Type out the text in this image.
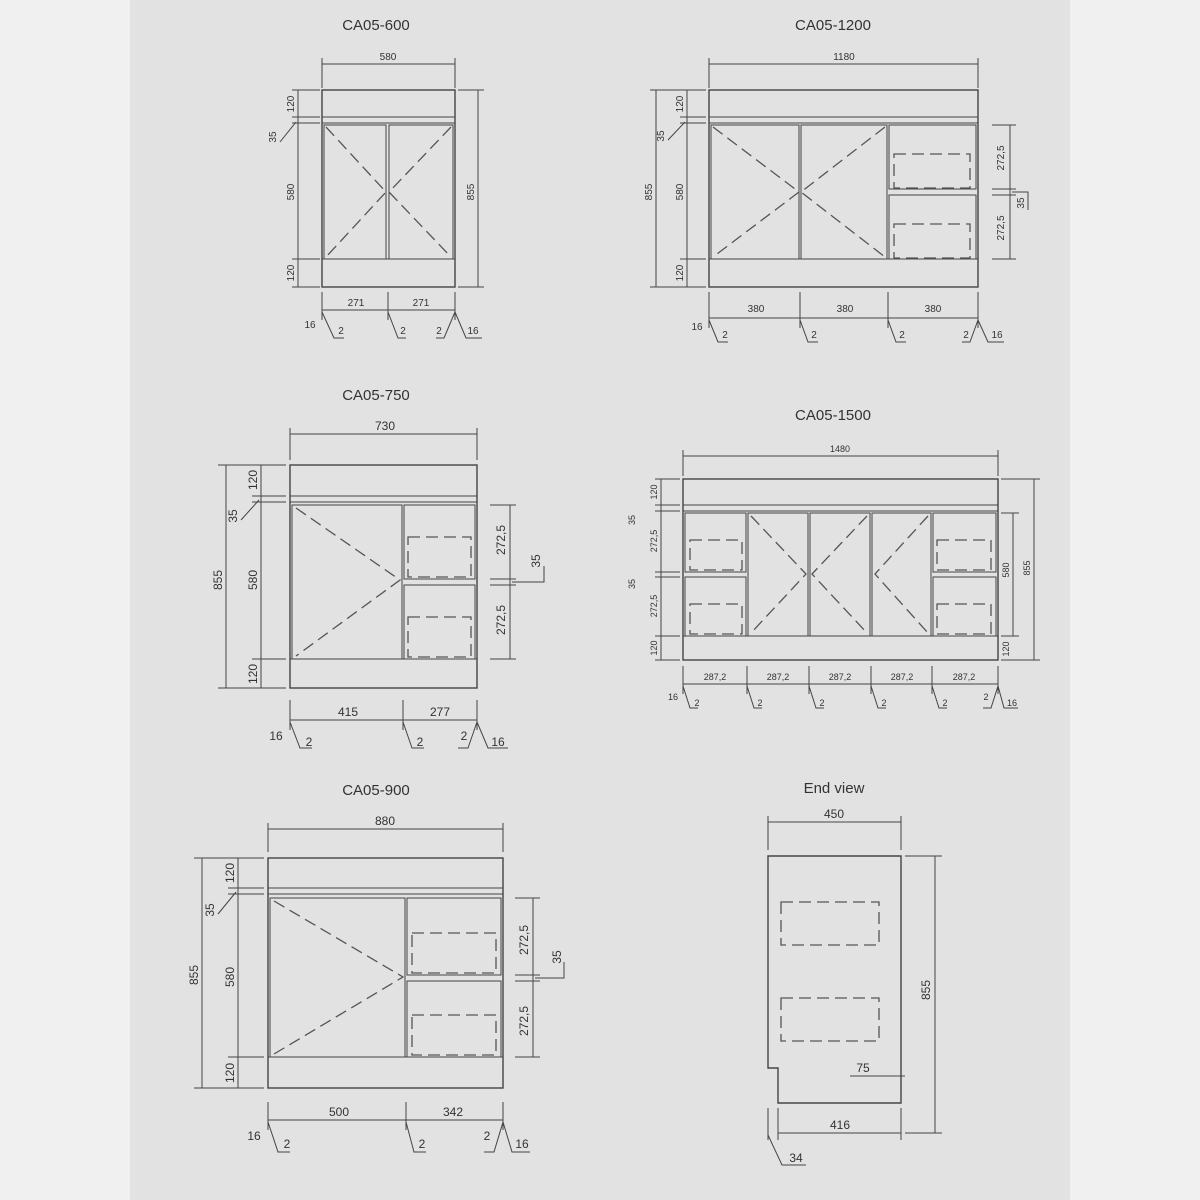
CA05-600
580
855
120
35
580
120
271	271
16
2	2	2	16
CA05-1200
1180
855
120
35
580
120
272,5
272,5
35
380	380	380
16
2	2	2	2 16
CA05-750
730
855
120
35
580
120
272,5
272,5
35
415	277
16 2	2	2 16
CA05-1500
1480
120
35
272,5
35
272,5
120
580 855
120
287,2	287,2	287,2	287,2	287,2
16
2	2	2	2	2
2
16
CA05-900
880
855
120
35
580
120
272,5
272,5
35
500	342
16
2	2
2
16
End view
450
855
75
416
34
